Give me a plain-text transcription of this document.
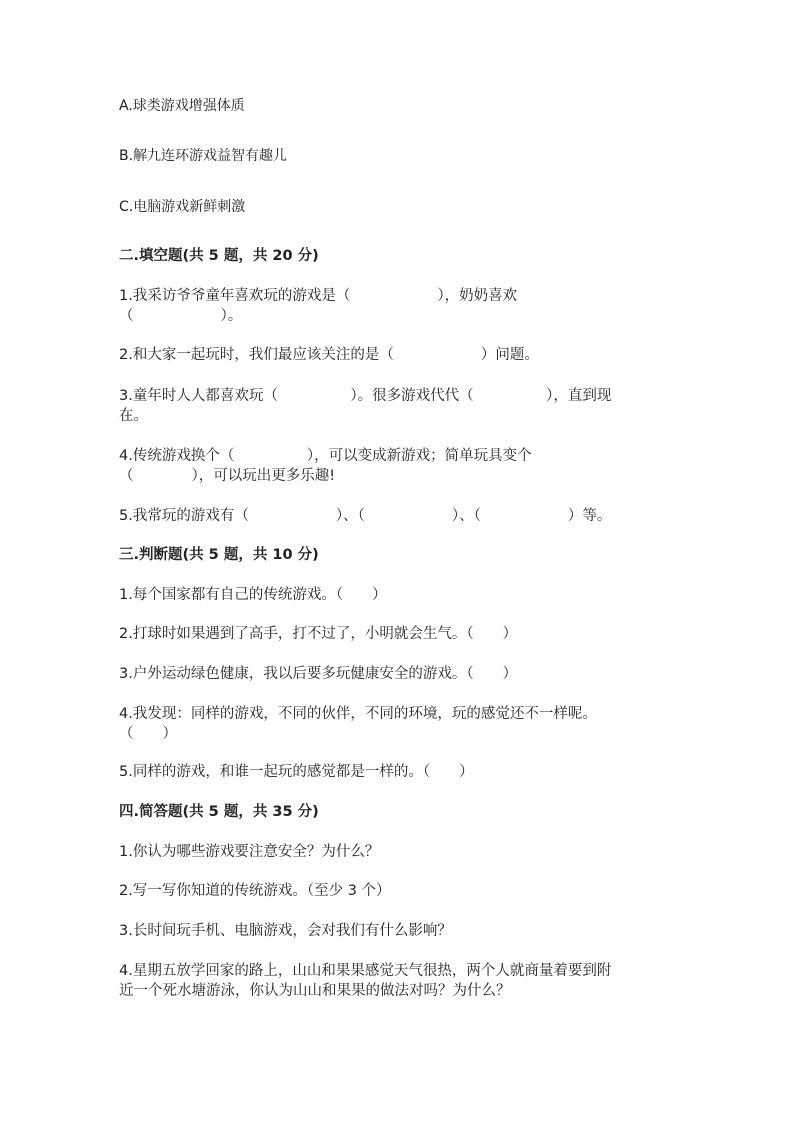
A.球类游戏增强体质
B.解九连环游戏益智有趣儿
C.电脑游戏新鲜刺激
二.填空题(共 5 题，共 20 分)
1.我采访爷爷童年喜欢玩的游戏是（　　　　　　），奶奶喜欢
（　　　　　　）。
2.和大家一起玩时，我们最应该关注的是（　　　　　　）问题。
3.童年时人人都喜欢玩（　　　　　）。很多游戏代代（　　　　　），直到现
在。
4.传统游戏换个（　　　　　），可以变成新游戏；简单玩具变个
（　　　　），可以玩出更多乐趣!
5.我常玩的游戏有（　　　　　　）、（　　　　　　）、（　　　　　　）等。
三.判断题(共 5 题，共 10 分)
1.每个国家都有自己的传统游戏。（　　）
2.打球时如果遇到了高手，打不过了，小明就会生气。（　　）
3.户外运动绿色健康，我以后要多玩健康安全的游戏。（　　）
4.我发现：同样的游戏，不同的伙伴，不同的环境，玩的感觉还不一样呢。
（　　）
5.同样的游戏，和谁一起玩的感觉都是一样的。（　　）
四.简答题(共 5 题，共 35 分)
1.你认为哪些游戏要注意安全？为什么？
2.写一写你知道的传统游戏。（至少 3 个）
3.长时间玩手机、电脑游戏，会对我们有什么影响？
4.星期五放学回家的路上，山山和果果感觉天气很热，两个人就商量着要到附
近一个死水塘游泳，你认为山山和果果的做法对吗？为什么？
